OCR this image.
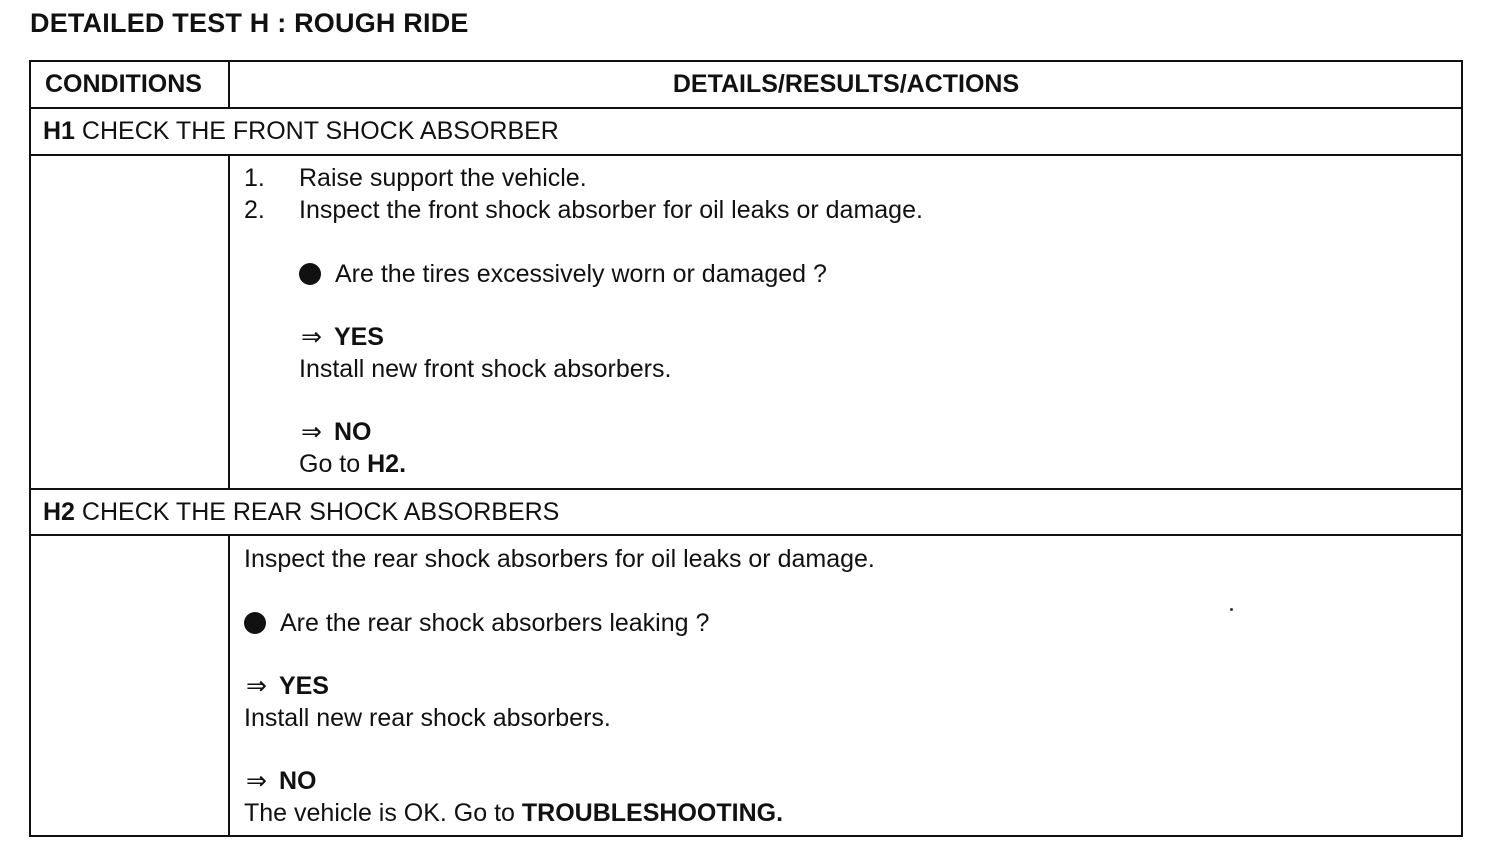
DETAILED TEST H : ROUGH RIDE
CONDITIONS	DETAILS/RESULTS/ACTIONS
H1 CHECK THE FRONT SHOCK ABSORBER
1. Raise support the vehicle.
2. Inspect the front shock absorber for oil leaks or damage.
Are the tires excessively worn or damaged ?
⇒ YES
Install new front shock absorbers.
⇒ NO
Go to H2.
H2 CHECK THE REAR SHOCK ABSORBERS
Inspect the rear shock absorbers for oil leaks or damage.
Are the rear shock absorbers leaking ?
⇒ YES
Install new rear shock absorbers.
⇒ NO
The vehicle is OK. Go to TROUBLESHOOTING.
